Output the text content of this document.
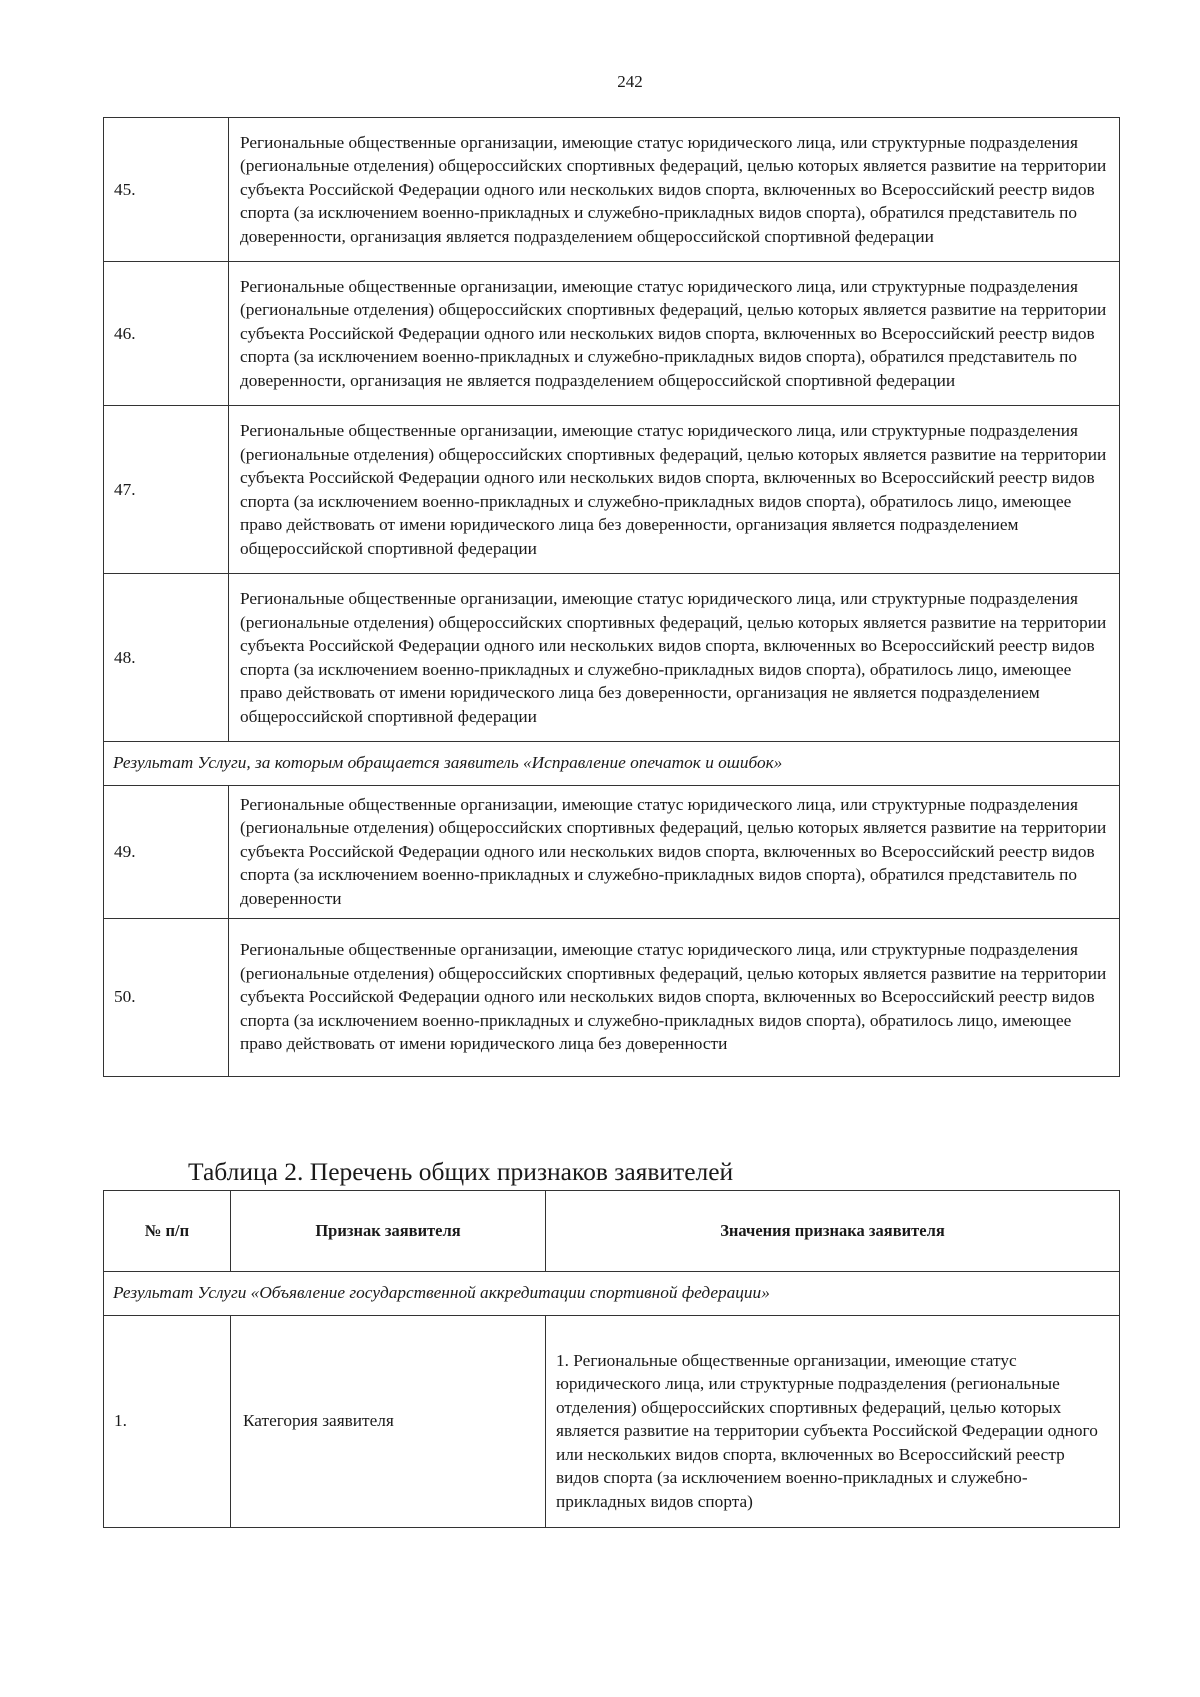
242
45.	Региональные общественные организации, имеющие статус юридического лица, или структурные подразделения (региональные отделения) общероссийских спортивных федераций, целью которых является развитие на территории субъекта Российской Федерации одного или нескольких видов спорта, включенных во Всероссийский реестр видов спорта (за исключением военно-прикладных и служебно-прикладных видов спорта), обратился представитель по доверенности, организация является подразделением общероссийской спортивной федерации
46.	Региональные общественные организации, имеющие статус юридического лица, или структурные подразделения (региональные отделения) общероссийских спортивных федераций, целью которых является развитие на территории субъекта Российской Федерации одного или нескольких видов спорта, включенных во Всероссийский реестр видов спорта (за исключением военно-прикладных и служебно-прикладных видов спорта), обратился представитель по доверенности, организация не является подразделением общероссийской спортивной федерации
47.	Региональные общественные организации, имеющие статус юридического лица, или структурные подразделения (региональные отделения) общероссийских спортивных федераций, целью которых является развитие на территории субъекта Российской Федерации одного или нескольких видов спорта, включенных во Всероссийский реестр видов спорта (за исключением военно-прикладных и служебно-прикладных видов спорта), обратилось лицо, имеющее право действовать от имени юридического лица без доверенности, организация является подразделением общероссийской спортивной федерации
48.	Региональные общественные организации, имеющие статус юридического лица, или структурные подразделения (региональные отделения) общероссийских спортивных федераций, целью которых является развитие на территории субъекта Российской Федерации одного или нескольких видов спорта, включенных во Всероссийский реестр видов спорта (за исключением военно-прикладных и служебно-прикладных видов спорта), обратилось лицо, имеющее право действовать от имени юридического лица без доверенности, организация не является подразделением общероссийской спортивной федерации
Результат Услуги, за которым обращается заявитель «Исправление опечаток и ошибок»	
49.	Региональные общественные организации, имеющие статус юридического лица, или структурные подразделения (региональные отделения) общероссийских спортивных федераций, целью которых является развитие на территории субъекта Российской Федерации одного или нескольких видов спорта, включенных во Всероссийский реестр видов спорта (за исключением военно-прикладных и служебно-прикладных видов спорта), обратился представитель по доверенности
50.	Региональные общественные организации, имеющие статус юридического лица, или структурные подразделения (региональные отделения) общероссийских спортивных федераций, целью которых является развитие на территории субъекта Российской Федерации одного или нескольких видов спорта, включенных во Всероссийский реестр видов спорта (за исключением военно-прикладных и служебно-прикладных видов спорта), обратилось лицо, имеющее право действовать от имени юридического лица без доверенности
Таблица 2. Перечень общих признаков заявителей
№ п/п	Признак заявителя	Значения признака заявителя
Результат Услуги «Объявление государственной аккредитации спортивной федерации»		
1.	Категория заявителя	1. Региональные общественные организации, имеющие статус юридического лица, или структурные подразделения (региональные отделения) общероссийских спортивных федераций, целью которых является развитие на территории субъекта Российской Федерации одного или нескольких видов спорта, включенных во Всероссийский реестр видов спорта (за исключением военно-прикладных и служебно-прикладных видов спорта)
